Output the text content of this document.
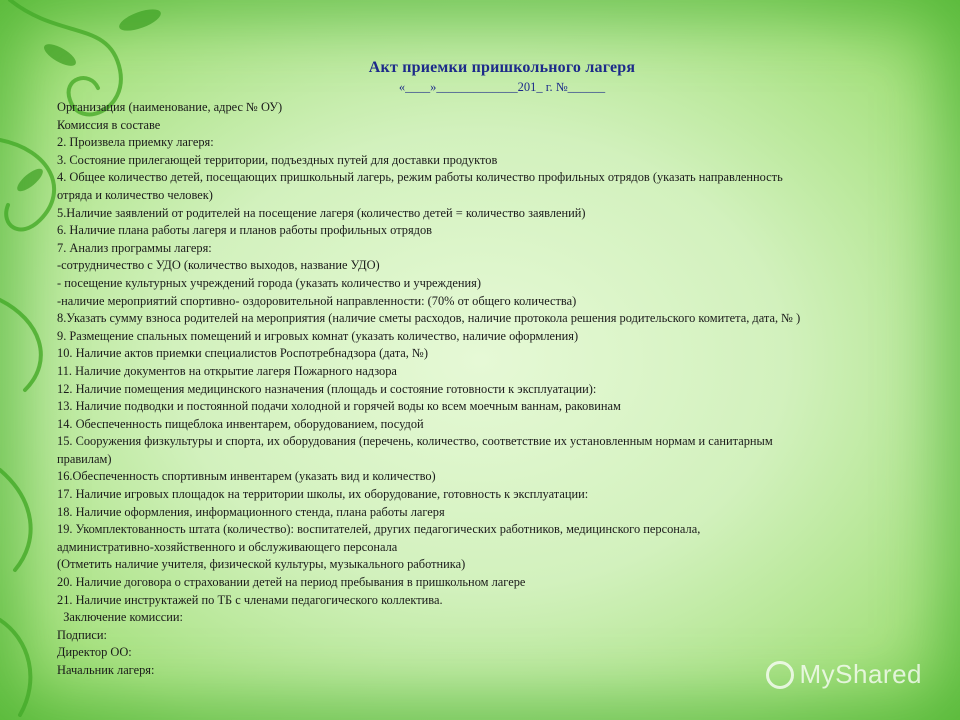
Акт приемки пришкольного лагеря
«____»_____________201_ г. №______
Организация (наименование, адрес № ОУ)
Комиссия в составе
2. Произвела приемку лагеря:
3. Состояние прилегающей территории, подъездных путей для доставки продуктов
4. Общее количество детей, посещающих пришкольный лагерь, режим работы количество профильных отрядов (указать направленность
отряда и количество человек)
5.Наличие заявлений от родителей на посещение лагеря (количество детей = количество заявлений)
6. Наличие плана работы лагеря и планов работы профильных отрядов
7. Анализ программы лагеря:
-сотрудничество с УДО (количество выходов, название УДО)
- посещение культурных учреждений города (указать количество и учреждения)
-наличие мероприятий спортивно- оздоровительной направленности: (70% от общего количества)
8.Указать сумму взноса родителей на мероприятия (наличие сметы расходов, наличие протокола решения родительского комитета, дата, № )
9. Размещение спальных помещений и игровых комнат (указать количество, наличие оформления)
10. Наличие актов приемки специалистов Роспотребнадзора (дата, №)
11. Наличие документов на открытие лагеря Пожарного надзора
12. Наличие помещения медицинского назначения (площадь и состояние готовности к эксплуатации):
13. Наличие подводки и постоянной подачи холодной и горячей воды ко всем моечным ваннам, раковинам
14. Обеспеченность пищеблока инвентарем, оборудованием, посудой
15. Сооружения физкультуры и спорта, их оборудования (перечень, количество, соответствие их установленным нормам и санитарным
правилам)
16.Обеспеченность спортивным инвентарем (указать вид и количество)
17. Наличие игровых площадок на территории школы, их оборудование, готовность к эксплуатации:
18. Наличие оформления, информационного стенда, плана работы лагеря
19. Укомплектованность штата (количество): воспитателей, других педагогических работников, медицинского персонала,
административно-хозяйственного и обслуживающего персонала
(Отметить наличие учителя, физической культуры, музыкального работника)
20. Наличие договора о страховании детей на период пребывания в пришкольном лагере
21. Наличие инструктажей по ТБ с членами педагогического коллектива.
Заключение комиссии:
Подписи:
Директор ОО:
Начальник лагеря:	MyShared
